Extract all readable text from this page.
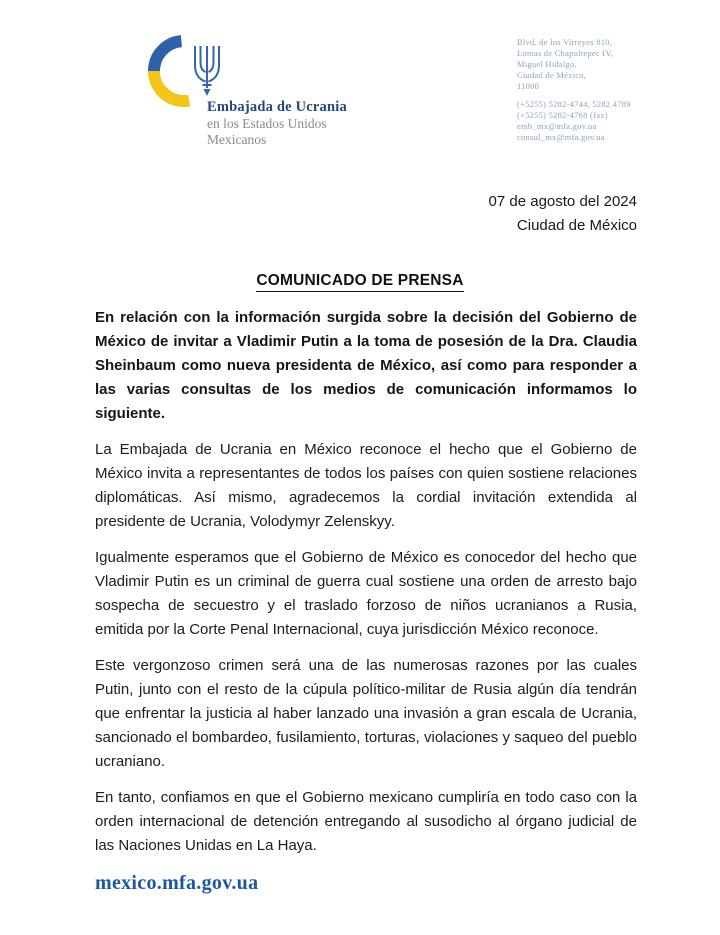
Embajada de Ucrania
en los Estados Unidos
Mexicanos
Blvd. de los Virreyes 810,
Lomas de Chapultepec IV,
Miguel Hidalgo,
Ciudad de México,
11000
(+5255) 5282-4744, 5282 4789
(+5255) 5282-4768 (fax)
emb_mx@mfa.gov.ua
consul_mx@mfa.gov.ua
07 de agosto del 2024
Ciudad de México
COMUNICADO DE PRENSA

En relación con la información surgida sobre la decisión del Gobierno de México de invitar a Vladimir Putin a la toma de posesión de la Dra. Claudia Sheinbaum como nueva presidenta de México, así como para responder a las varias consultas de los medios de comunicación informamos lo siguiente.

La Embajada de Ucrania en México reconoce el hecho que el Gobierno de México invita a representantes de todos los países con quien sostiene relaciones diplomáticas. Así mismo, agradecemos la cordial invitación extendida al presidente de Ucrania, Volodymyr Zelenskyy.

Igualmente esperamos que el Gobierno de México es conocedor del hecho que Vladimir Putin es un criminal de guerra cual sostiene una orden de arresto bajo sospecha de secuestro y el traslado forzoso de niños ucranianos a Rusia, emitida por la Corte Penal Internacional, cuya jurisdicción México reconoce.

Este vergonzoso crimen será una de las numerosas razones por las cuales Putin, junto con el resto de la cúpula político-militar de Rusia algún día tendrán que enfrentar la justicia al haber lanzado una invasión a gran escala de Ucrania, sancionado el bombardeo, fusilamiento, torturas, violaciones y saqueo del pueblo ucraniano.

En tanto, confiamos en que el Gobierno mexicano cumpliría en todo caso con la orden internacional de detención entregando al susodicho al órgano judicial de las Naciones Unidas en La Haya.

mexico.mfa.gov.ua
